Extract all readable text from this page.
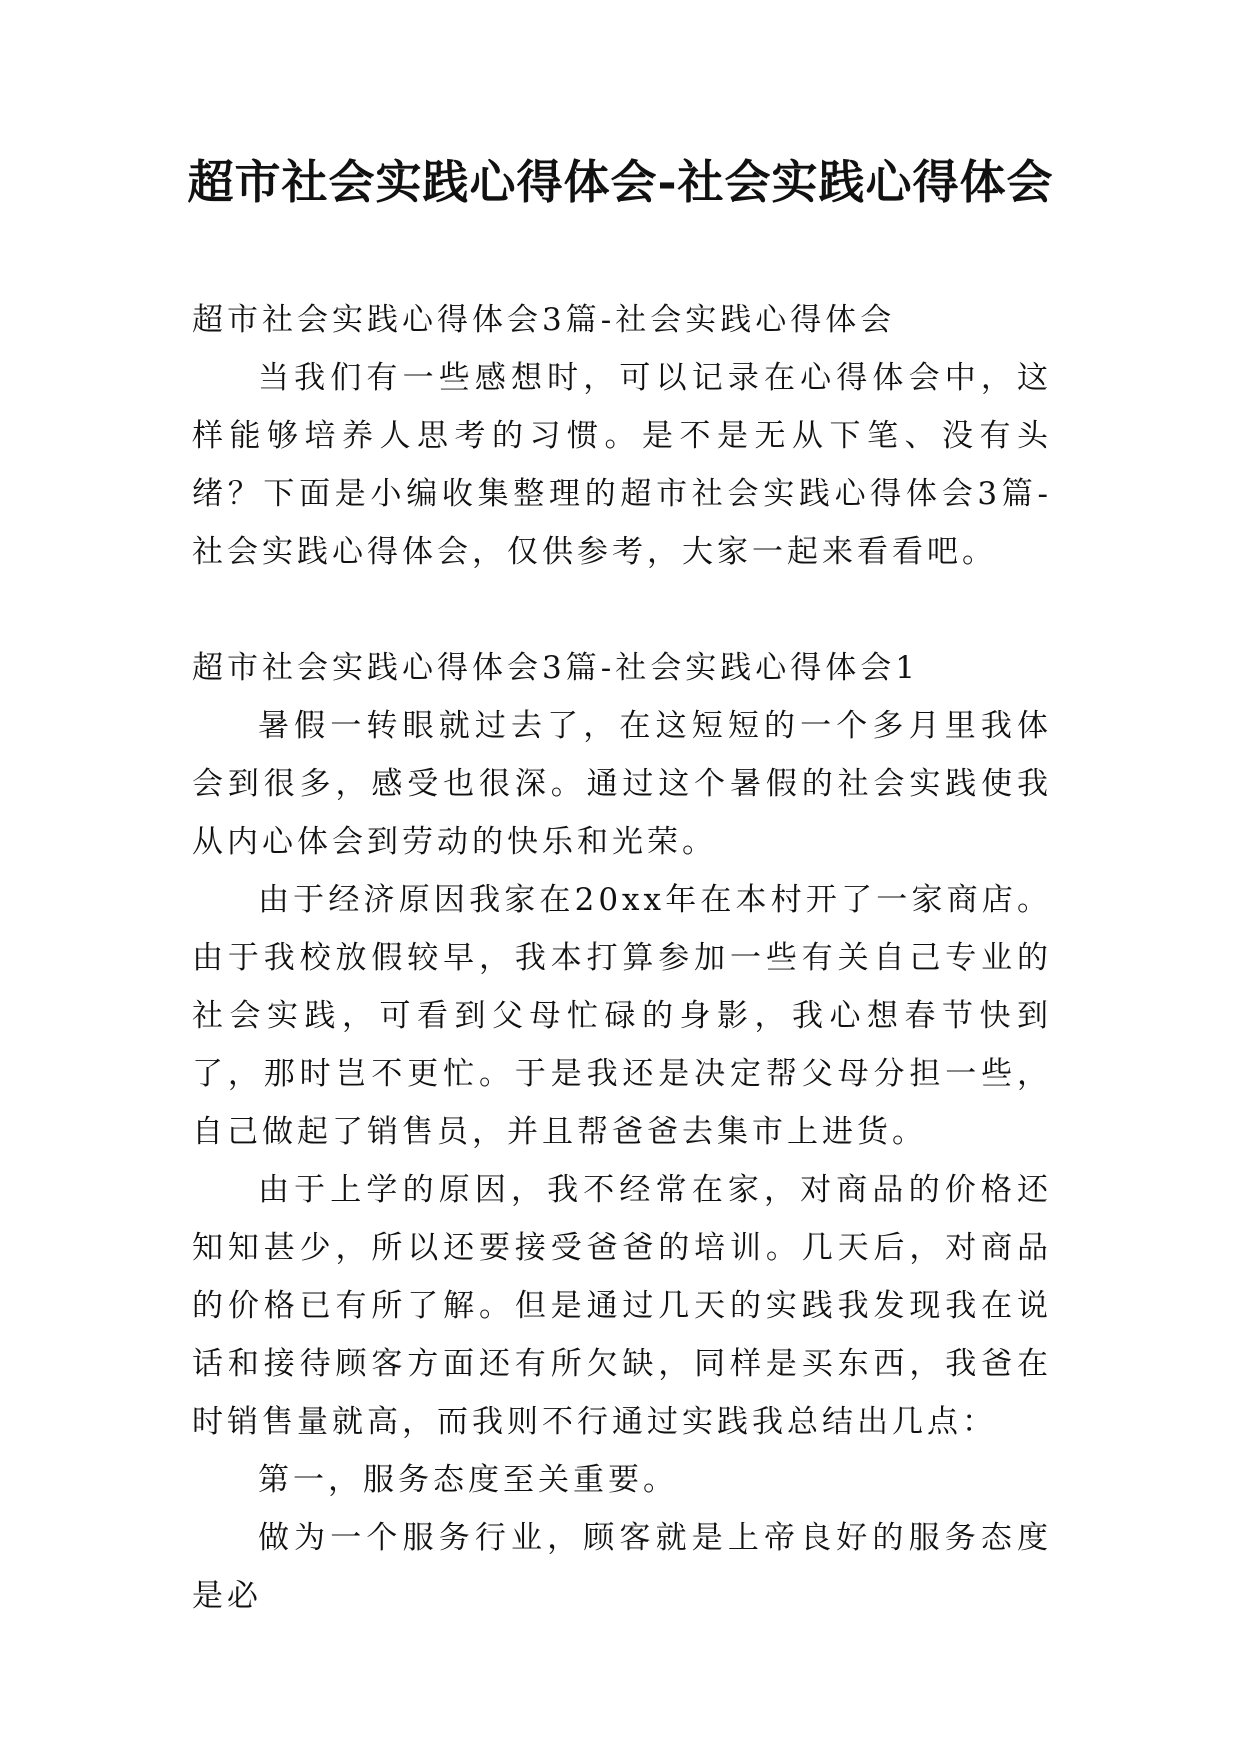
超市社会实践心得体会-社会实践心得体会

超市社会实践心得体会3篇-社会实践心得体会

当我们有一些感想时，可以记录在心得体会中，这样能够培养人思考的习惯。是不是无从下笔、没有头绪？下面是小编收集整理的超市社会实践心得体会3篇-社会实践心得体会，仅供参考，大家一起来看看吧。

超市社会实践心得体会3篇-社会实践心得体会1

暑假一转眼就过去了，在这短短的一个多月里我体会到很多，感受也很深。通过这个暑假的社会实践使我从内心体会到劳动的快乐和光荣。

由于经济原因我家在20xx年在本村开了一家商店。由于我校放假较早，我本打算参加一些有关自己专业的社会实践，可看到父母忙碌的身影，我心想春节快到了，那时岂不更忙。于是我还是决定帮父母分担一些，自己做起了销售员，并且帮爸爸去集市上进货。

由于上学的原因，我不经常在家，对商品的价格还知知甚少，所以还要接受爸爸的培训。几天后，对商品的价格已有所了解。但是通过几天的实践我发现我在说话和接待顾客方面还有所欠缺，同样是买东西，我爸在时销售量就高，而我则不行通过实践我总结出几点：

第一，服务态度至关重要。

做为一个服务行业，顾客就是上帝良好的服务态度是必
